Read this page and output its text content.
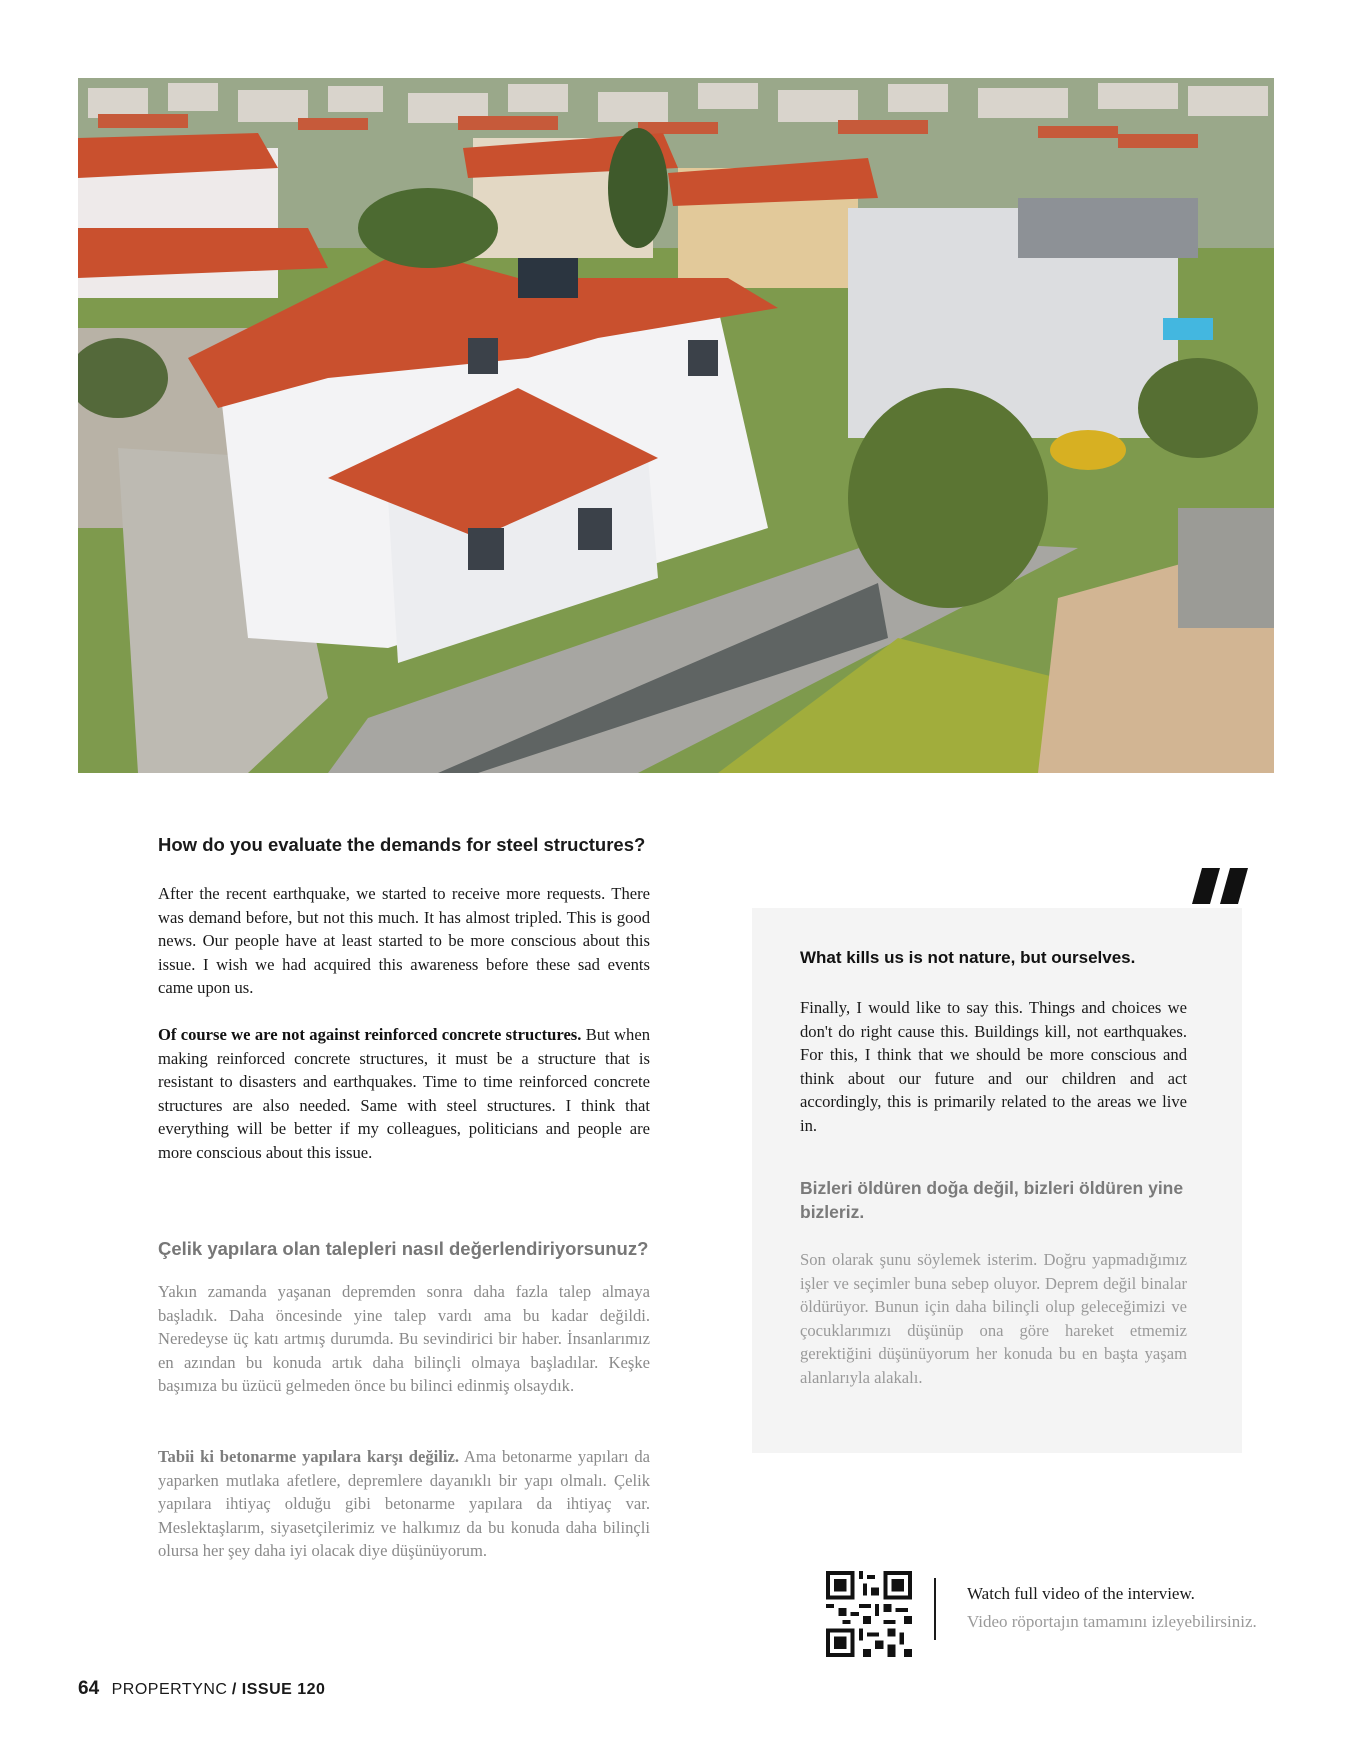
How do you evaluate the demands for steel structures?

After the recent earthquake, we started to receive more requests. There was demand before, but not this much. It has almost tripled. This is good news. Our people have at least started to be more conscious about this issue. I wish we had acquired this awareness before these sad events came upon us.

Of course we are not against reinforced concrete structures. But when making reinforced concrete structures, it must be a structure that is resistant to disasters and earthquakes. Time to time reinforced concrete structures are also needed. Same with steel structures. I think that everything will be better if my colleagues, politicians and people are more conscious about this issue.

Çelik yapılara olan talepleri nasıl değerlendiriyorsunuz?

Yakın zamanda yaşanan depremden sonra daha fazla talep almaya başladık. Daha öncesinde yine talep vardı ama bu kadar değildi. Neredeyse üç katı artmış durumda. Bu sevindirici bir haber. İnsanlarımız en azından bu konuda artık daha bilinçli olmaya başladılar. Keşke başımıza bu üzücü gelmeden önce bu bilinci edinmiş olsaydık.

Tabii ki betonarme yapılara karşı değiliz. Ama betonarme yapıları da yaparken mutlaka afetlere, depremlere dayanıklı bir yapı olmalı. Çelik yapılara ihtiyaç olduğu gibi betonarme yapılara da ihtiyaç var. Meslektaşlarım, siyasetçilerimiz ve halkımız da bu konuda daha bilinçli olursa her şey daha iyi olacak diye düşünüyorum.

What kills us is not nature, but ourselves.

Finally, I would like to say this. Things and choices we don't do right cause this. Buildings kill, not earthquakes. For this, I think that we should be more conscious and think about our future and our children and act accordingly, this is primarily related to the areas we live in.

Bizleri öldüren doğa değil, bizleri öldüren yine bizleriz.

Son olarak şunu söylemek isterim. Doğru yapmadığımız işler ve seçimler buna sebep oluyor. Deprem değil binalar öldürüyor. Bunun için daha bilinçli olup geleceğimizi ve çocuklarımızı düşünüp ona göre hareket etmemiz gerektiğini düşünüyorum her konuda bu en başta yaşam alanlarıyla alakalı.

Watch full video of the interview.

Video röportajın tamamını izleyebilirsiniz.

64 PROPERTYNC / ISSUE 120
